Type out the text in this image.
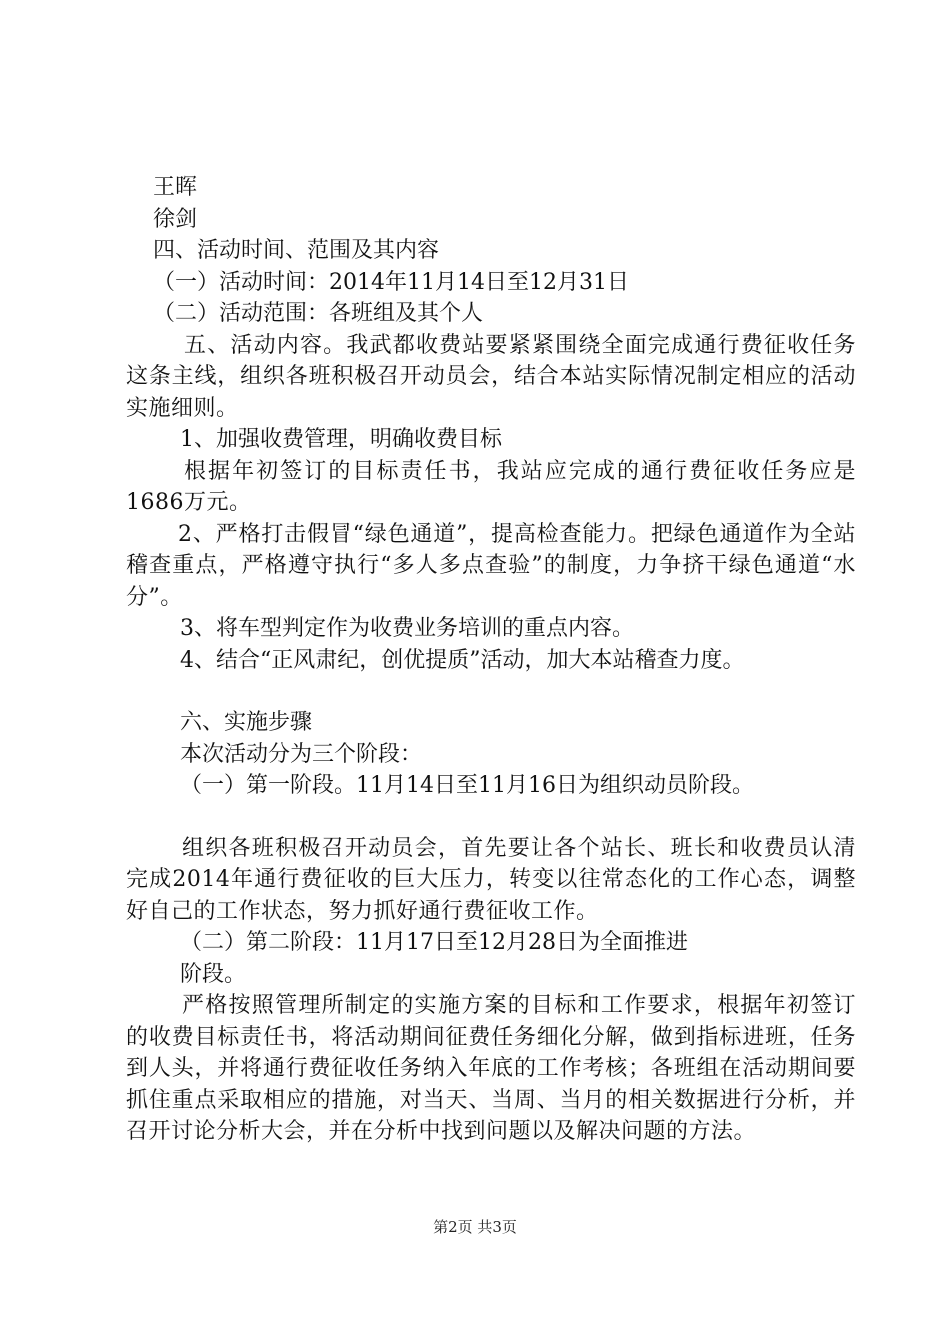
王晖
徐剑
四、活动时间、范围及其内容
（一）活动时间：2014年11月14日至12月31日
（二）活动范围：各班组及其个人
五、活动内容。我武都收费站要紧紧围绕全面完成通行费征收任务这条主线，组织各班积极召开动员会，结合本站实际情况制定相应的活动实施细则。
1、加强收费管理，明确收费目标
根据年初签订的目标责任书，我站应完成的通行费征收任务应是1686万元。
2、严格打击假冒“绿色通道”，提高检查能力。把绿色通道作为全站稽查重点，严格遵守执行“多人多点查验”的制度，力争挤干绿色通道“水分”。
3、将车型判定作为收费业务培训的重点内容。
4、结合“正风肃纪，创优提质”活动，加大本站稽查力度。
六、实施步骤
本次活动分为三个阶段：
（一）第一阶段。11月14日至11月16日为组织动员阶段。
组织各班积极召开动员会，首先要让各个站长、班长和收费员认清完成2014年通行费征收的巨大压力，转变以往常态化的工作心态，调整好自己的工作状态，努力抓好通行费征收工作。
（二）第二阶段：11月17日至12月28日为全面推进
阶段。
严格按照管理所制定的实施方案的目标和工作要求，根据年初签订的收费目标责任书，将活动期间征费任务细化分解，做到指标进班，任务到人头，并将通行费征收任务纳入年底的工作考核；各班组在活动期间要抓住重点采取相应的措施，对当天、当周、当月的相关数据进行分析，并召开讨论分析大会，并在分析中找到问题以及解决问题的方法。
第2页 共3页
